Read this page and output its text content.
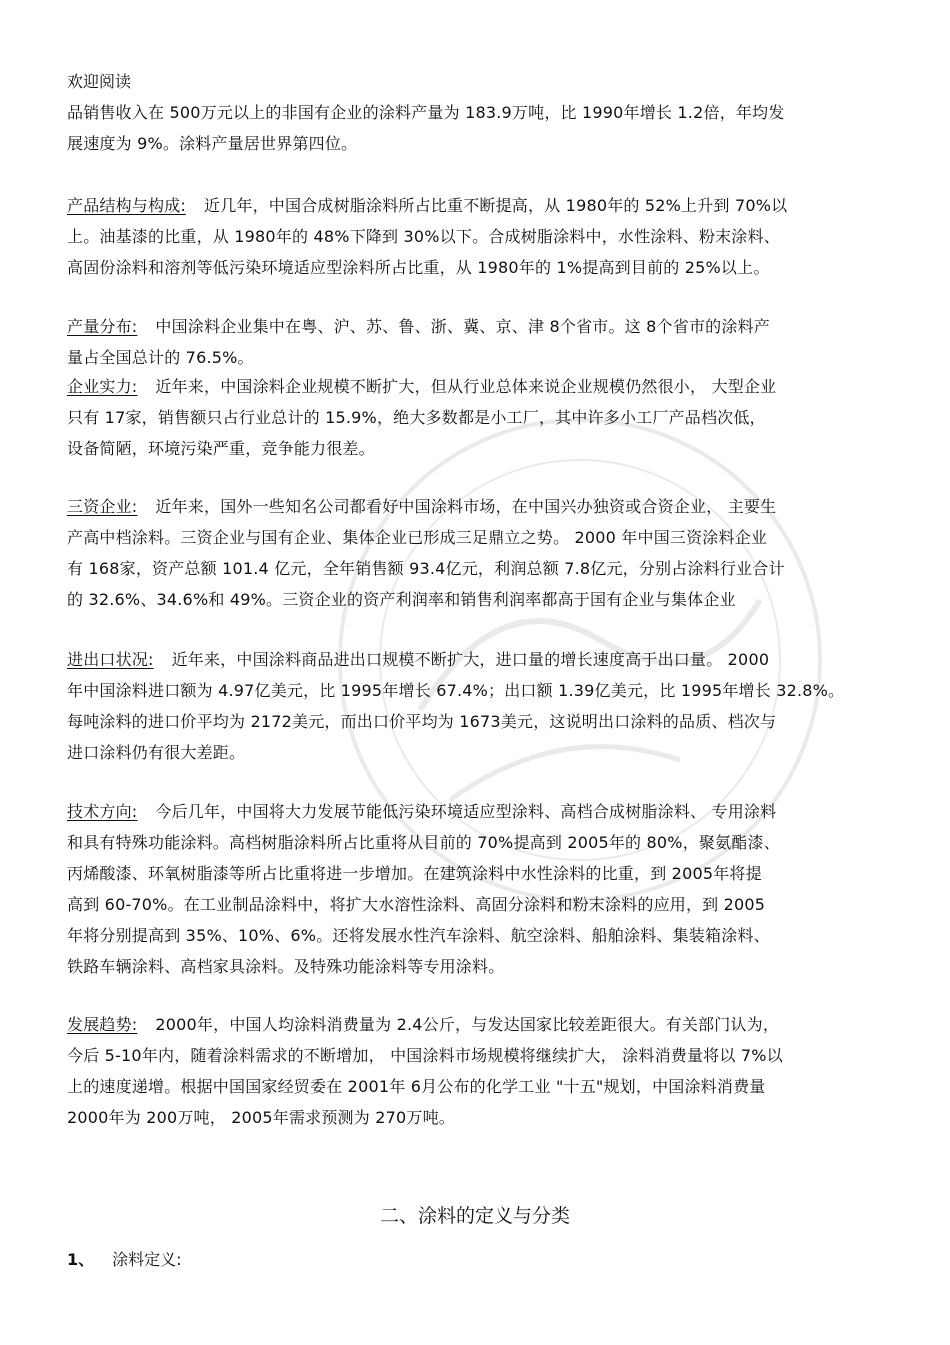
欢迎阅读
品销售收入在 500万元以上的非国有企业的涂料产量为 183.9万吨，比 1990年增长 1.2倍，年均发
展速度为 9%。涂料产量居世界第四位。
产品结构与构成: 近几年，中国合成树脂涂料所占比重不断提高，从 1980年的 52%上升到 70%以
上。油基漆的比重，从 1980年的 48%下降到 30%以下。合成树脂涂料中，水性涂料、粉末涂料、
高固份涂料和溶剂等低污染环境适应型涂料所占比重，从 1980年的 1%提高到目前的 25%以上。
产量分布: 中国涂料企业集中在粤、沪、苏、鲁、浙、冀、京、津 8个省市。这 8个省市的涂料产
量占全国总计的 76.5%。
企业实力: 近年来，中国涂料企业规模不断扩大，但从行业总体来说企业规模仍然很小， 大型企业
只有 17家，销售额只占行业总计的 15.9%，绝大多数都是小工厂，其中许多小工厂产品档次低，
设备简陋，环境污染严重，竞争能力很差。
三资企业: 近年来，国外一些知名公司都看好中国涂料市场，在中国兴办独资或合资企业， 主要生
产高中档涂料。三资企业与国有企业、集体企业已形成三足鼎立之势。 2000 年中国三资涂料企业
有 168家，资产总额 101.4 亿元，全年销售额 93.4亿元，利润总额 7.8亿元，分别占涂料行业合计
的 32.6%、34.6%和 49%。三资企业的资产利润率和销售利润率都高于国有企业与集体企业
进出口状况: 近年来，中国涂料商品进出口规模不断扩大，进口量的增长速度高于出口量。 2000
年中国涂料进口额为 4.97亿美元，比 1995年增长 67.4%；出口额 1.39亿美元，比 1995年增长 32.8%。
每吨涂料的进口价平均为 2172美元，而出口价平均为 1673美元，这说明出口涂料的品质、档次与
进口涂料仍有很大差距。
技术方向: 今后几年，中国将大力发展节能低污染环境适应型涂料、高档合成树脂涂料、 专用涂料
和具有特殊功能涂料。高档树脂涂料所占比重将从目前的 70%提高到 2005年的 80%，聚氨酯漆、
丙烯酸漆、环氧树脂漆等所占比重将进一步增加。在建筑涂料中水性涂料的比重，到 2005年将提
高到 60-70%。在工业制品涂料中，将扩大水溶性涂料、高固分涂料和粉末涂料的应用，到 2005
年将分别提高到 35%、10%、6%。还将发展水性汽车涂料、航空涂料、船舶涂料、集装箱涂料、
铁路车辆涂料、高档家具涂料。及特殊功能涂料等专用涂料。
发展趋势: 2000年，中国人均涂料消费量为 2.4公斤，与发达国家比较差距很大。有关部门认为，
今后 5-10年内，随着涂料需求的不断增加， 中国涂料市场规模将继续扩大， 涂料消费量将以 7%以
上的速度递增。根据中国国家经贸委在 2001年 6月公布的化学工业 "十五"规划，中国涂料消费量
2000年为 200万吨， 2005年需求预测为 270万吨。
二、涂料的定义与分类
1、 涂料定义:
